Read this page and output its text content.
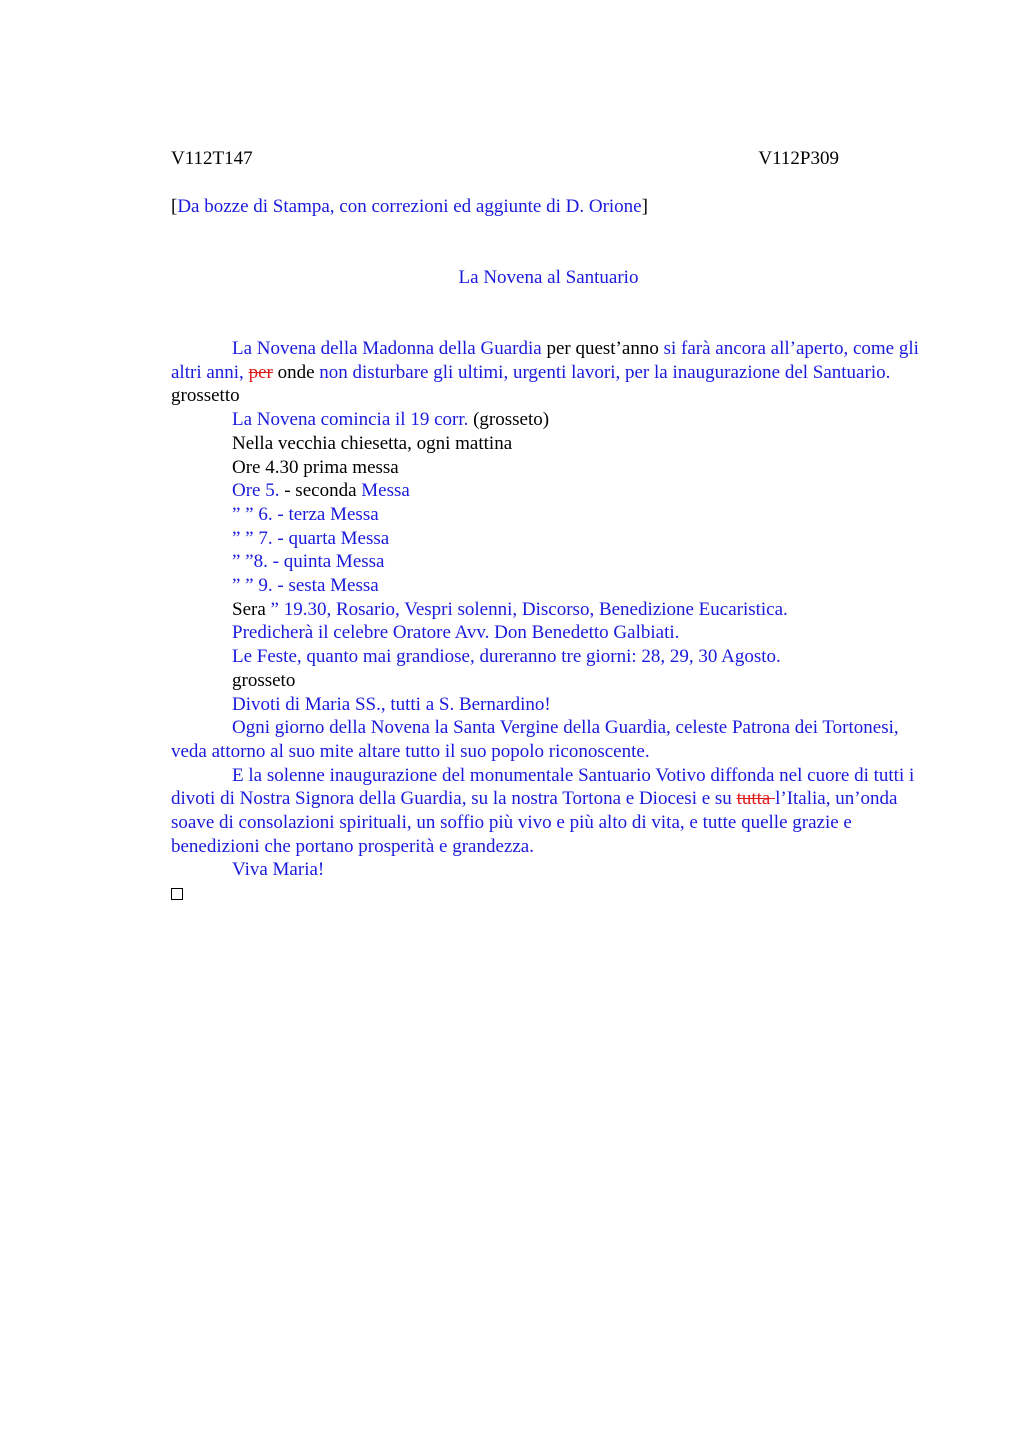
V112T147	V112P309
[Da bozze di Stampa, con correzioni ed aggiunte di D. Orione]
La Novena al Santuario

La Novena della Madonna della Guardia per quest’anno si farà ancora all’aperto, come gli altri anni, per onde non disturbare gli ultimi, urgenti lavori, per la inaugurazione del Santuario. grossetto

La Novena comincia il 19 corr. (grosseto)

Nella vecchia chiesetta, ogni mattina

Ore 4.30 prima messa

Ore 5. - seconda Messa

” ” 6. - terza Messa

” ” 7. - quarta Messa

” ”8. - quinta Messa

” ” 9. - sesta Messa

Sera ” 19.30, Rosario, Vespri solenni, Discorso, Benedizione Eucaristica.

Predicherà il celebre Oratore Avv. Don Benedetto Galbiati.

Le Feste, quanto mai grandiose, dureranno tre giorni: 28, 29, 30 Agosto.

grosseto

Divoti di Maria SS., tutti a S. Bernardino!

Ogni giorno della Novena la Santa Vergine della Guardia, celeste Patrona dei Tortonesi, veda attorno al suo mite altare tutto il suo popolo riconoscente.

E la solenne inaugurazione del monumentale Santuario Votivo diffonda nel cuore di tutti i divoti di Nostra Signora della Guardia, su la nostra Tortona e Diocesi e su tutta l’Italia, un’onda soave di consolazioni spirituali, un soffio più vivo e più alto di vita, e tutte quelle grazie e benedizioni che portano prosperità e grandezza.

Viva Maria!
